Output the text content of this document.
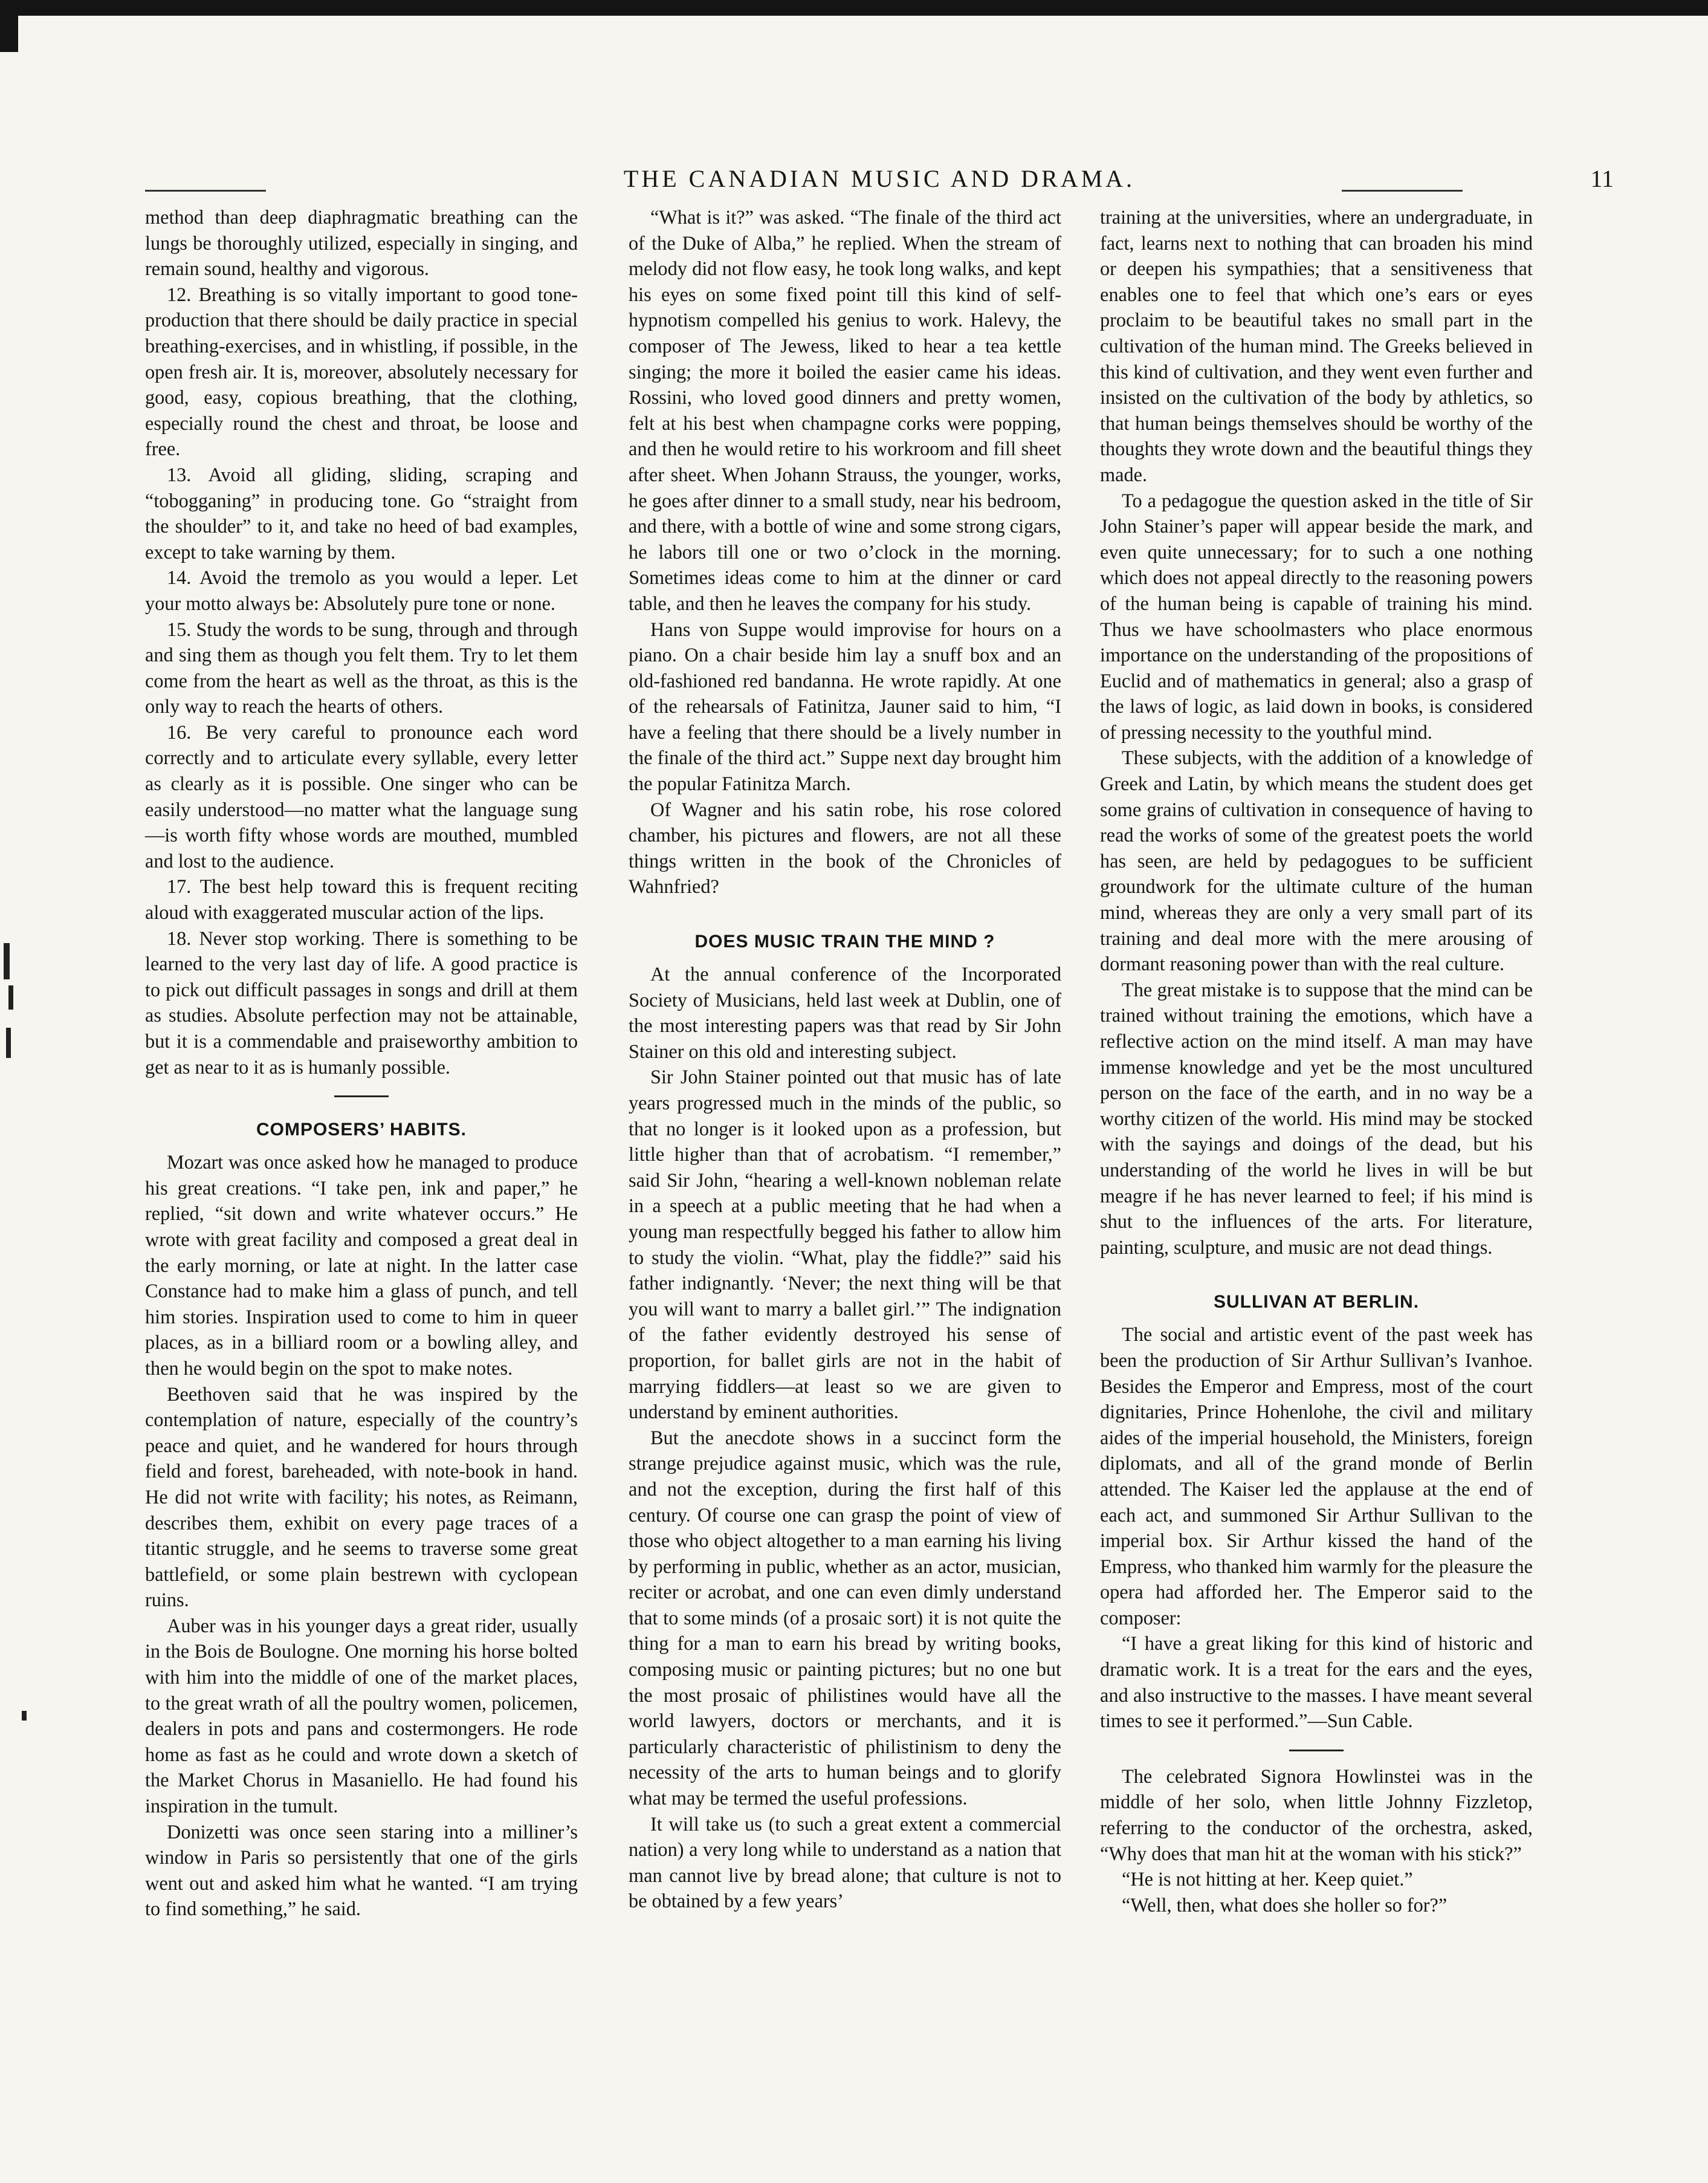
THE CANADIAN MUSIC AND DRAMA.	11

method than deep diaphragmatic breathing can the lungs be thoroughly utilized, especially in singing, and remain sound, healthy and vigorous.

12. Breathing is so vitally important to good tone-production that there should be daily practice in special breathing-exercises, and in whistling, if possible, in the open fresh air. It is, moreover, absolutely necessary for good, easy, copious breathing, that the clothing, especially round the chest and throat, be loose and free.

13. Avoid all gliding, sliding, scraping and “tobogganing” in producing tone. Go “straight from the shoulder” to it, and take no heed of bad examples, except to take warning by them.

14. Avoid the tremolo as you would a leper. Let your motto always be: Absolutely pure tone or none.

15. Study the words to be sung, through and through and sing them as though you felt them. Try to let them come from the heart as well as the throat, as this is the only way to reach the hearts of others.

16. Be very careful to pronounce each word correctly and to articulate every syllable, every letter as clearly as it is possible. One singer who can be easily understood—no matter what the language sung—is worth fifty whose words are mouthed, mumbled and lost to the audience.

17. The best help toward this is frequent reciting aloud with exaggerated muscular action of the lips.

18. Never stop working. There is something to be learned to the very last day of life. A good practice is to pick out difficult passages in songs and drill at them as studies. Absolute perfection may not be attainable, but it is a commendable and praiseworthy ambition to get as near to it as is humanly possible.

COMPOSERS’ HABITS.

Mozart was once asked how he managed to produce his great creations. “I take pen, ink and paper,” he replied, “sit down and write whatever occurs.” He wrote with great facility and composed a great deal in the early morning, or late at night. In the latter case Constance had to make him a glass of punch, and tell him stories. Inspiration used to come to him in queer places, as in a billiard room or a bowling alley, and then he would begin on the spot to make notes.

Beethoven said that he was inspired by the contemplation of nature, especially of the country’s peace and quiet, and he wandered for hours through field and forest, bareheaded, with note-book in hand. He did not write with facility; his notes, as Reimann, describes them, exhibit on every page traces of a titantic struggle, and he seems to traverse some great battlefield, or some plain bestrewn with cyclopean ruins.

Auber was in his younger days a great rider, usually in the Bois de Boulogne. One morning his horse bolted with him into the middle of one of the market places, to the great wrath of all the poultry women, policemen, dealers in pots and pans and costermongers. He rode home as fast as he could and wrote down a sketch of the Market Chorus in Masaniello. He had found his inspiration in the tumult.

Donizetti was once seen staring into a milliner’s window in Paris so persistently that one of the girls went out and asked him what he wanted. “I am trying to find something,” he said.

“What is it?” was asked. “The finale of the third act of the Duke of Alba,” he replied. When the stream of melody did not flow easy, he took long walks, and kept his eyes on some fixed point till this kind of self-hypnotism compelled his genius to work. Halevy, the composer of The Jewess, liked to hear a tea kettle singing; the more it boiled the easier came his ideas. Rossini, who loved good dinners and pretty women, felt at his best when champagne corks were popping, and then he would retire to his workroom and fill sheet after sheet. When Johann Strauss, the younger, works, he goes after dinner to a small study, near his bedroom, and there, with a bottle of wine and some strong cigars, he labors till one or two o’clock in the morning. Sometimes ideas come to him at the dinner or card table, and then he leaves the company for his study.

Hans von Suppe would improvise for hours on a piano. On a chair beside him lay a snuff box and an old-fashioned red bandanna. He wrote rapidly. At one of the rehearsals of Fatinitza, Jauner said to him, “I have a feeling that there should be a lively number in the finale of the third act.” Suppe next day brought him the popular Fatinitza March.

Of Wagner and his satin robe, his rose colored chamber, his pictures and flowers, are not all these things written in the book of the Chronicles of Wahnfried?

DOES MUSIC TRAIN THE MIND ?

At the annual conference of the Incorporated Society of Musicians, held last week at Dublin, one of the most interesting papers was that read by Sir John Stainer on this old and interesting subject.

Sir John Stainer pointed out that music has of late years progressed much in the minds of the public, so that no longer is it looked upon as a profession, but little higher than that of acrobatism. “I remember,” said Sir John, “hearing a well-known nobleman relate in a speech at a public meeting that he had when a young man respectfully begged his father to allow him to study the violin. “What, play the fiddle?” said his father indignantly. ‘Never; the next thing will be that you will want to marry a ballet girl.’” The indignation of the father evidently destroyed his sense of proportion, for ballet girls are not in the habit of marrying fiddlers—at least so we are given to understand by eminent authorities.

But the anecdote shows in a succinct form the strange prejudice against music, which was the rule, and not the exception, during the first half of this century. Of course one can grasp the point of view of those who object altogether to a man earning his living by performing in public, whether as an actor, musician, reciter or acrobat, and one can even dimly understand that to some minds (of a prosaic sort) it is not quite the thing for a man to earn his bread by writing books, composing music or painting pictures; but no one but the most prosaic of philistines would have all the world lawyers, doctors or merchants, and it is particularly characteristic of philistinism to deny the necessity of the arts to human beings and to glorify what may be termed the useful professions.

It will take us (to such a great extent a commercial nation) a very long while to understand as a nation that man cannot live by bread alone; that culture is not to be obtained by a few years’

training at the universities, where an undergraduate, in fact, learns next to nothing that can broaden his mind or deepen his sympathies; that a sensitiveness that enables one to feel that which one’s ears or eyes proclaim to be beautiful takes no small part in the cultivation of the human mind. The Greeks believed in this kind of cultivation, and they went even further and insisted on the cultivation of the body by athletics, so that human beings themselves should be worthy of the thoughts they wrote down and the beautiful things they made.

To a pedagogue the question asked in the title of Sir John Stainer’s paper will appear beside the mark, and even quite unnecessary; for to such a one nothing which does not appeal directly to the reasoning powers of the human being is capable of training his mind. Thus we have schoolmasters who place enormous importance on the understanding of the propositions of Euclid and of mathematics in general; also a grasp of the laws of logic, as laid down in books, is considered of pressing necessity to the youthful mind.

These subjects, with the addition of a knowledge of Greek and Latin, by which means the student does get some grains of cultivation in consequence of having to read the works of some of the greatest poets the world has seen, are held by pedagogues to be sufficient groundwork for the ultimate culture of the human mind, whereas they are only a very small part of its training and deal more with the mere arousing of dormant reasoning power than with the real culture.

The great mistake is to suppose that the mind can be trained without training the emotions, which have a reflective action on the mind itself. A man may have immense knowledge and yet be the most uncultured person on the face of the earth, and in no way be a worthy citizen of the world. His mind may be stocked with the sayings and doings of the dead, but his understanding of the world he lives in will be but meagre if he has never learned to feel; if his mind is shut to the influences of the arts. For literature, painting, sculpture, and music are not dead things.

SULLIVAN AT BERLIN.

The social and artistic event of the past week has been the production of Sir Arthur Sullivan’s Ivanhoe. Besides the Emperor and Empress, most of the court dignitaries, Prince Hohenlohe, the civil and military aides of the imperial household, the Ministers, foreign diplomats, and all of the grand monde of Berlin attended. The Kaiser led the applause at the end of each act, and summoned Sir Arthur Sullivan to the imperial box. Sir Arthur kissed the hand of the Empress, who thanked him warmly for the pleasure the opera had afforded her. The Emperor said to the composer:

“I have a great liking for this kind of historic and dramatic work. It is a treat for the ears and the eyes, and also instructive to the masses. I have meant several times to see it performed.”—Sun Cable.

The celebrated Signora Howlinstei was in the middle of her solo, when little Johnny Fizzletop, referring to the conductor of the orchestra, asked, “Why does that man hit at the woman with his stick?”

“He is not hitting at her. Keep quiet.”

“Well, then, what does she holler so for?”
